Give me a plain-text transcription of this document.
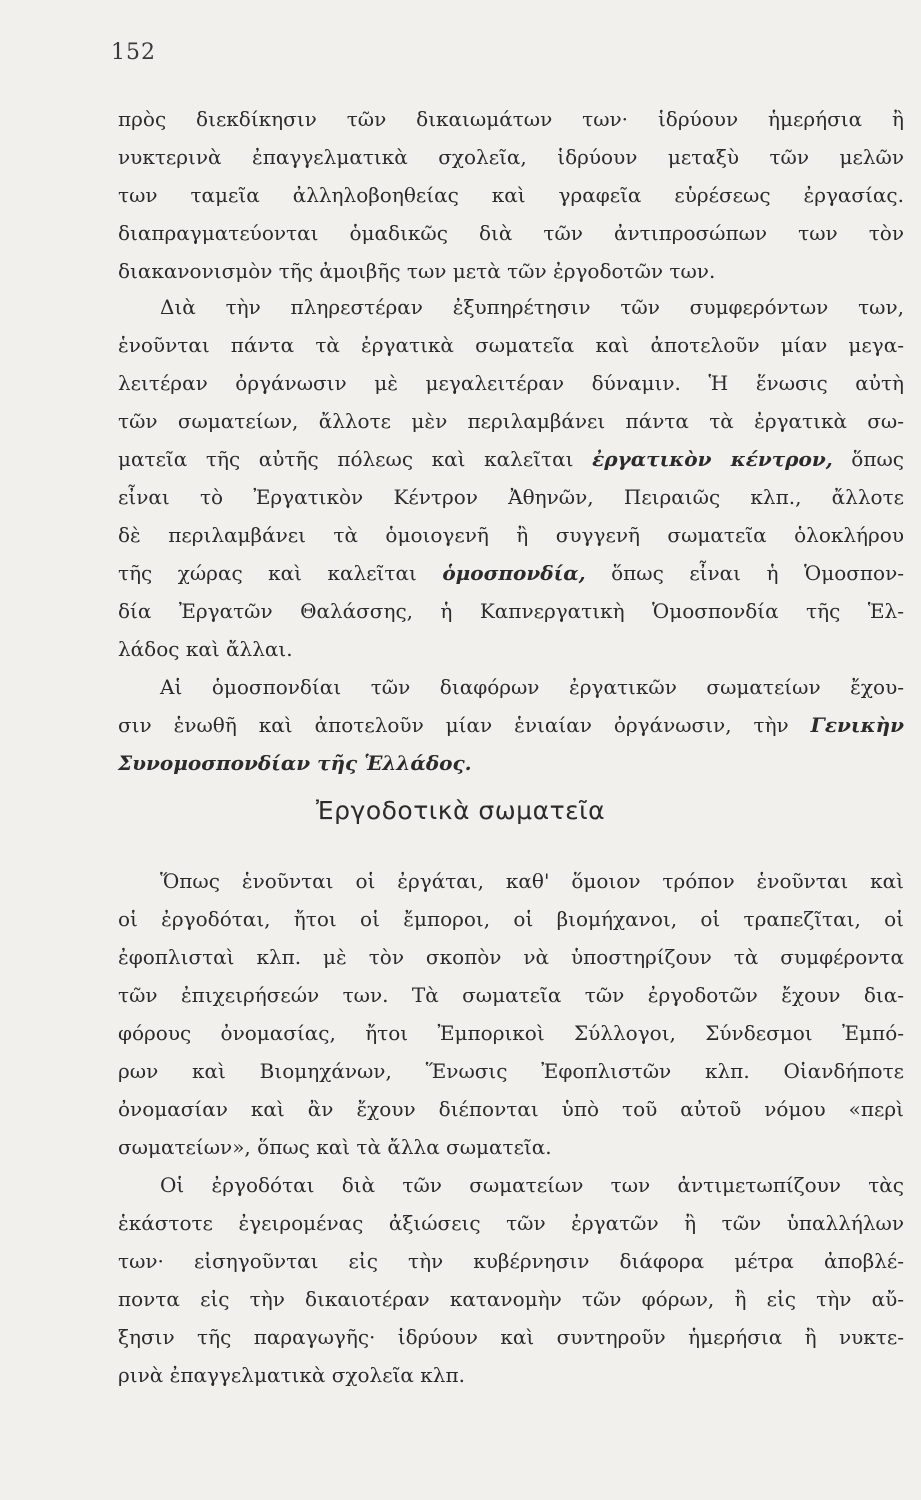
152
πρὸς διεκδίκησιν τῶν δικαιωμάτων των· ἱδρύουν ἡμερήσια ἢ
νυκτερινὰ ἐπαγγελματικὰ σχολεῖα, ἱδρύουν μεταξὺ τῶν μελῶν
των ταμεῖα ἀλληλοβοηθείας καὶ γραφεῖα εὑρέσεως ἐργασίας.
διαπραγματεύονται ὁμαδικῶς διὰ τῶν ἀντιπροσώπων των τὸν
διακανονισμὸν τῆς ἀμοιβῆς των μετὰ τῶν ἐργοδοτῶν των.
Διὰ τὴν πληρεστέραν ἐξυπηρέτησιν τῶν συμφερόντων των,
ἑνοῦνται πάντα τὰ ἐργατικὰ σωματεῖα καὶ ἀποτελοῦν μίαν μεγα-
λειτέραν ὀργάνωσιν μὲ μεγαλειτέραν δύναμιν. Ἡ ἕνωσις αὐτὴ
τῶν σωματείων, ἄλλοτε μὲν περιλαμβάνει πάντα τὰ ἐργατικὰ σω-
ματεῖα τῆς αὐτῆς πόλεως καὶ καλεῖται ἐργατικὸν κέντρον, ὅπως
εἶναι τὸ Ἐργατικὸν Κέντρον Ἀθηνῶν, Πειραιῶς κλπ., ἄλλοτε
δὲ περιλαμβάνει τὰ ὁμοιογενῆ ἢ συγγενῆ σωματεῖα ὁλοκλήρου
τῆς χώρας καὶ καλεῖται ὁμοσπονδία, ὅπως εἶναι ἡ Ὁμοσπον-
δία Ἐργατῶν Θαλάσσης, ἡ Καπνεργατικὴ Ὁμοσπονδία τῆς Ἑλ-
λάδος καὶ ἄλλαι.
Αἱ ὁμοσπονδίαι τῶν διαφόρων ἐργατικῶν σωματείων ἔχου-
σιν ἑνωθῆ καὶ ἀποτελοῦν μίαν ἑνιαίαν ὀργάνωσιν, τὴν Γενικὴν
Συνομοσπονδίαν τῆς Ἑλλάδος.
Ὅπως ἑνοῦνται οἱ ἐργάται, καθ' ὅμοιον τρόπον ἑνοῦνται καὶ
οἱ ἐργοδόται, ἤτοι οἱ ἔμποροι, οἱ βιομήχανοι, οἱ τραπεζῖται, οἱ
ἐφοπλισταὶ κλπ. μὲ τὸν σκοπὸν νὰ ὑποστηρίζουν τὰ συμφέροντα
τῶν ἐπιχειρήσεών των. Τὰ σωματεῖα τῶν ἐργοδοτῶν ἔχουν δια-
φόρους ὀνομασίας, ἤτοι Ἐμπορικοὶ Σύλλογοι, Σύνδεσμοι Ἐμπό-
ρων καὶ Βιομηχάνων, Ἕνωσις Ἐφοπλιστῶν κλπ. Οἱανδήποτε
ὀνομασίαν καὶ ἂν ἔχουν διέπονται ὑπὸ τοῦ αὐτοῦ νόμου «περὶ
σωματείων», ὅπως καὶ τὰ ἄλλα σωματεῖα.
Οἱ ἐργοδόται διὰ τῶν σωματείων των ἀντιμετωπίζουν τὰς
ἑκάστοτε ἐγειρομένας ἀξιώσεις τῶν ἐργατῶν ἢ τῶν ὑπαλλήλων
των· εἰσηγοῦνται εἰς τὴν κυβέρνησιν διάφορα μέτρα ἀποβλέ-
ποντα εἰς τὴν δικαιοτέραν κατανομὴν τῶν φόρων, ἢ εἰς τὴν αὔ-
ξησιν τῆς παραγωγῆς· ἱδρύουν καὶ συντηροῦν ἡμερήσια ἢ νυκτε-
ρινὰ ἐπαγγελματικὰ σχολεῖα κλπ.
Ἐργοδοτικὰ σωματεῖα
